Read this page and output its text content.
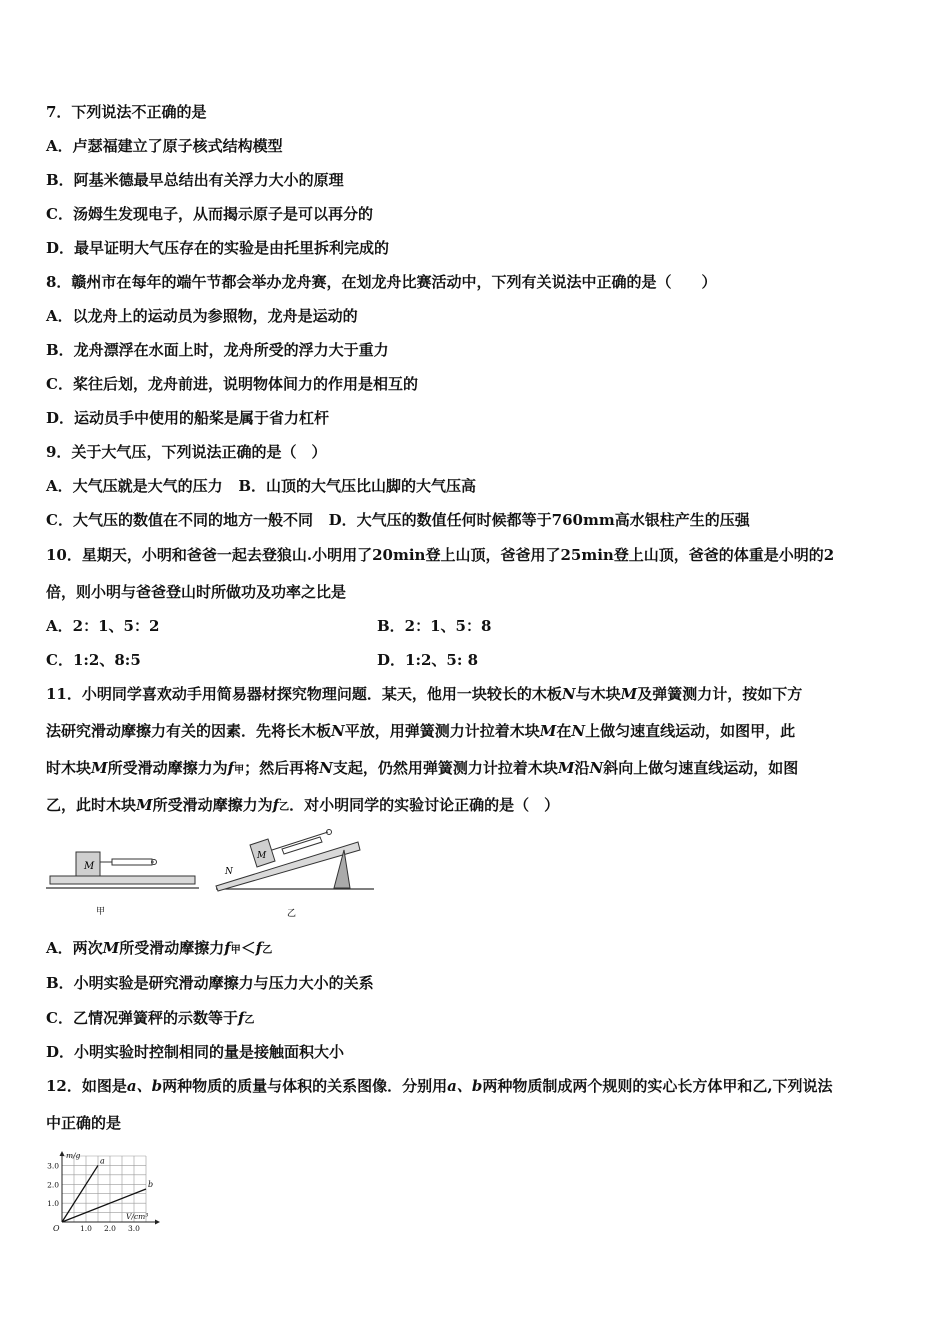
7．下列说法不正确的是
A．卢瑟福建立了原子核式结构模型
B．阿基米德最早总结出有关浮力大小的原理
C．汤姆生发现电子，从而揭示原子是可以再分的
D．最早证明大气压存在的实验是由托里拆利完成的
8．赣州市在每年的端午节都会举办龙舟赛，在划龙舟比赛活动中，下列有关说法中正确的是（　　）
A．以龙舟上的运动员为参照物，龙舟是运动的
B．龙舟漂浮在水面上时，龙舟所受的浮力大于重力
C．桨往后划，龙舟前进，说明物体间力的作用是相互的
D．运动员手中使用的船桨是属于省力杠杆
9．关于大气压，下列说法正确的是（　）
A．大气压就是大气的压力 B．山顶的大气压比山脚的大气压高
C．大气压的数值在不同的地方一般不同 D．大气压的数值任何时候都等于760mm高水银柱产生的压强
10．星期天，小明和爸爸一起去登狼山.小明用了20min登上山顶，爸爸用了25min登上山顶，爸爸的体重是小明的2
倍，则小明与爸爸登山时所做功及功率之比是
A．2：1、5：2	B．2：1、5：8
C．1:2、8:5	D．1:2、5: 8
11．小明同学喜欢动手用简易器材探究物理问题．某天，他用一块较长的木板N与木块M及弹簧测力计，按如下方
法研究滑动摩擦力有关的因素．先将长木板N平放，用弹簧测力计拉着木块M在N上做匀速直线运动，如图甲，此
时木块M所受滑动摩擦力为f甲；然后再将N支起，仍然用弹簧测力计拉着木块M沿N斜向上做匀速直线运动，如图
乙，此时木块M所受滑动摩擦力为f乙．对小明同学的实验讨论正确的是（　）
M
甲
N
M
乙
A．两次M所受滑动摩擦力f甲＜f乙
B．小明实验是研究滑动摩擦力与压力大小的关系
C．乙情况弹簧秤的示数等于f乙
D．小明实验时控制相同的量是接触面积大小
12．如图是a、b两种物质的质量与体积的关系图像．分别用a、b两种物质制成两个规则的实心长方体甲和乙,下列说法
中正确的是
a
b
1.0 2.0 3.0
1.0
2.0
3.0
m/g
V/cm³
O
